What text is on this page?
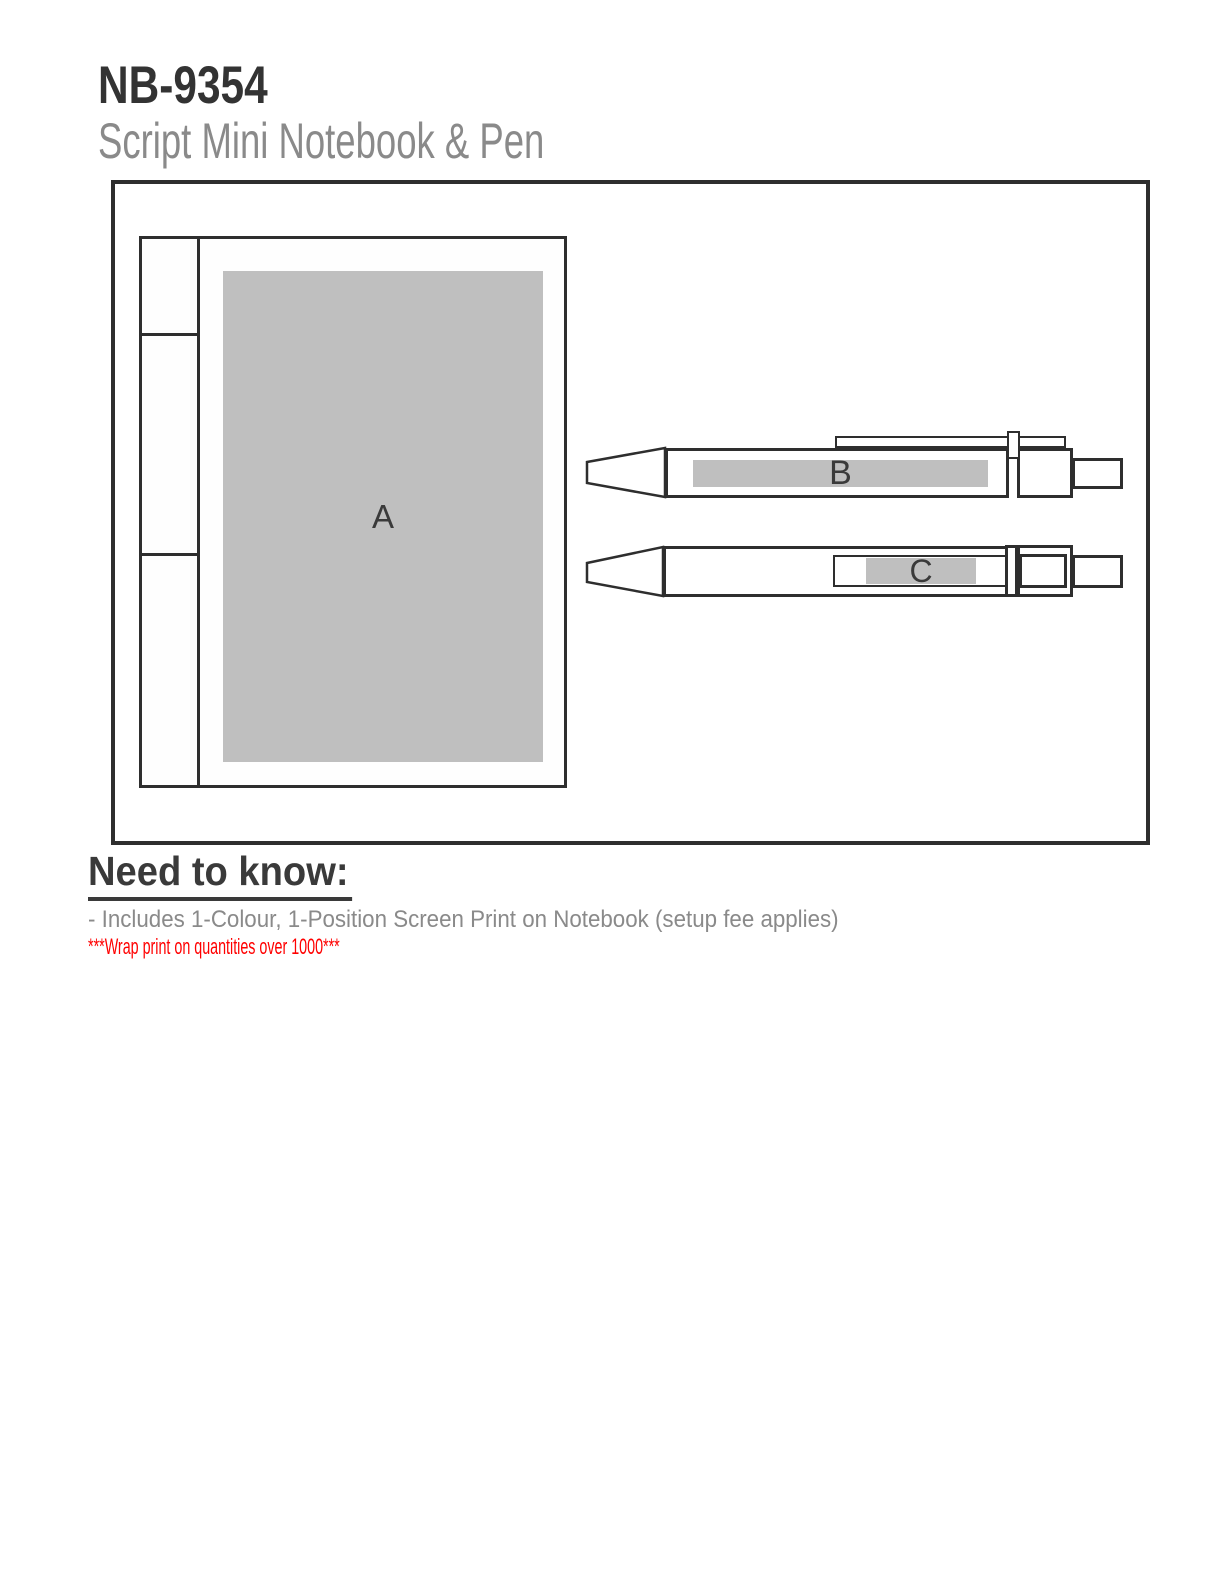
NB-9354
Script Mini Notebook & Pen
A
B
C
Need to know:
- Includes 1-Colour, 1-Position Screen Print on Notebook (setup fee applies)
***Wrap print on quantities over 1000***
